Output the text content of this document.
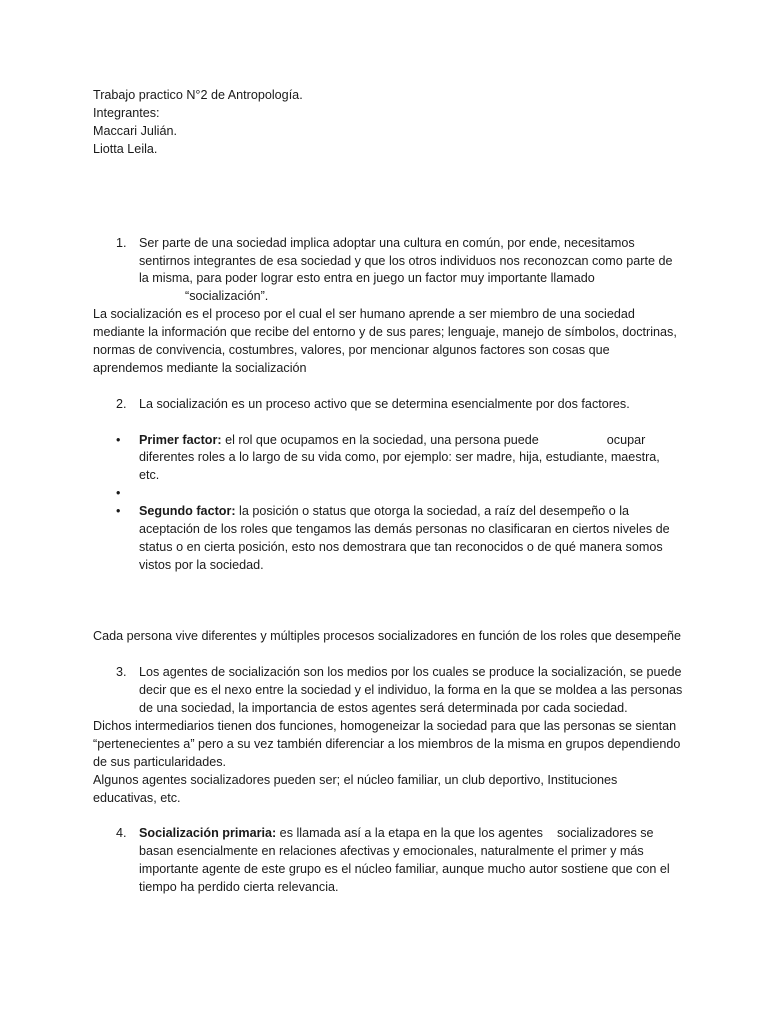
Trabajo practico N°2 de Antropología.
Integrantes:
Maccari Julián.
Liotta Leila.
1. Ser parte de una sociedad implica adoptar una cultura en común, por ende, necesitamos sentirnos integrantes de esa sociedad y que los otros individuos nos reconozcan como parte de la misma, para poder lograr esto entra en juego un factor muy importante llamado
“socialización”.
La socialización es el proceso por el cual el ser humano aprende a ser miembro de una sociedad mediante la información que recibe del entorno y de sus pares; lenguaje, manejo de símbolos, doctrinas, normas de convivencia, costumbres, valores, por mencionar algunos factores son cosas que aprendemos mediante la socialización
2. La socialización es un proceso activo que se determina esencialmente por dos factores.
• Primer factor: el rol que ocupamos en la sociedad, una persona puede	ocupar diferentes roles a lo largo de su vida como, por ejemplo: ser madre, hija, estudiante, maestra, etc.
•
• Segundo factor: la posición o status que otorga la sociedad, a raíz del desempeño o la aceptación de los roles que tengamos las demás personas no clasificaran en ciertos niveles de status o en cierta posición, esto nos demostrara que tan reconocidos o de qué manera somos vistos por la sociedad.
Cada persona vive diferentes y múltiples procesos socializadores en función de los roles que desempeñe
3. Los agentes de socialización son los medios por los cuales se produce la socialización, se puede decir que es el nexo entre la sociedad y el individuo, la forma en la que se moldea a las personas de una sociedad, la importancia de estos agentes será determinada por cada sociedad.
Dichos intermediarios tienen dos funciones, homogeneizar la sociedad para que las personas se sientan “pertenecientes a” pero a su vez también diferenciar a los miembros de la misma en grupos dependiendo de sus particularidades.
Algunos agentes socializadores pueden ser; el núcleo familiar, un club deportivo, Instituciones educativas, etc.
4. Socialización primaria: es llamada así a la etapa en la que los agentes socializadores se basan esencialmente en relaciones afectivas y emocionales, naturalmente el primer y más importante agente de este grupo es el núcleo familiar, aunque mucho autor sostiene que con el tiempo ha perdido cierta relevancia.
